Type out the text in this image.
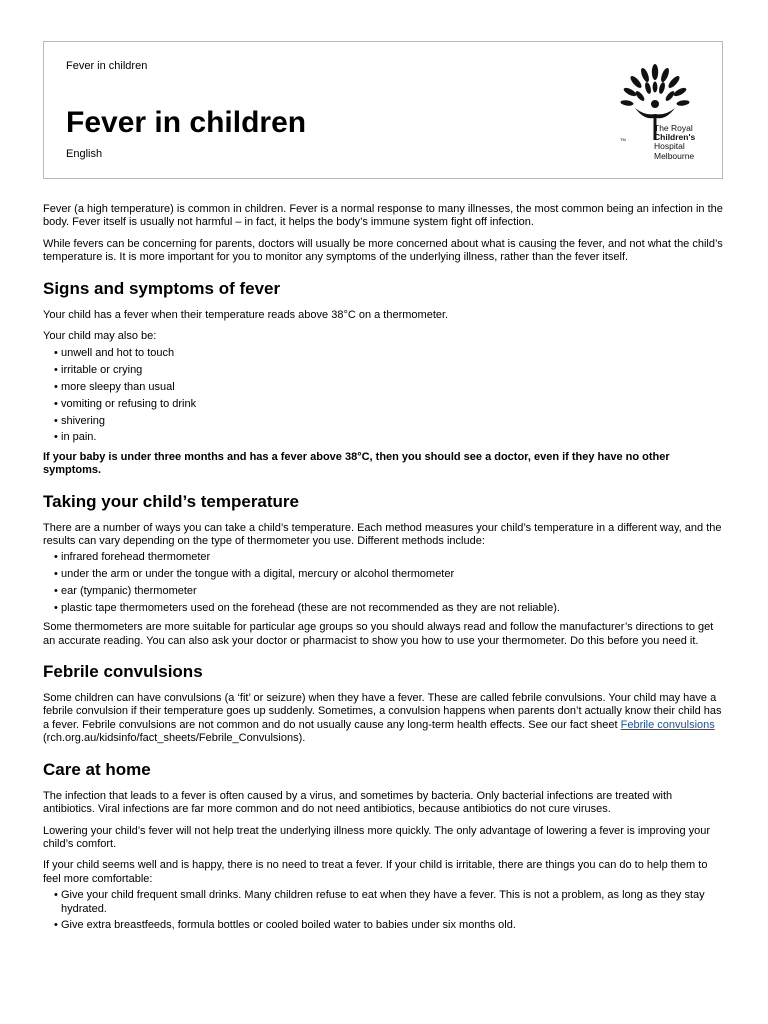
Fever in children
Fever in children
English
The Royal
Children's
Hospital
Melbourne
TM

Fever (a high temperature) is common in children. Fever is a normal response to many illnesses, the most common being an infection in the body. Fever itself is usually not harmful – in fact, it helps the body’s immune system fight off infection.

While fevers can be concerning for parents, doctors will usually be more concerned about what is causing the fever, and not what the child’s temperature is. It is more important for you to monitor any symptoms of the underlying illness, rather than the fever itself.

Signs and symptoms of fever

Your child has a fever when their temperature reads above 38°C on a thermometer.

Your child may also be:

• unwell and hot to touch
• irritable or crying
• more sleepy than usual
• vomiting or refusing to drink
• shivering
• in pain.

If your baby is under three months and has a fever above 38°C, then you should see a doctor, even if they have no other symptoms.

Taking your child’s temperature

There are a number of ways you can take a child’s temperature. Each method measures your child’s temperature in a different way, and the results can vary depending on the type of thermometer you use. Different methods include:

• infrared forehead thermometer
• under the arm or under the tongue with a digital, mercury or alcohol thermometer
• ear (tympanic) thermometer
• plastic tape thermometers used on the forehead (these are not recommended as they are not reliable).

Some thermometers are more suitable for particular age groups so you should always read and follow the manufacturer’s directions to get an accurate reading. You can also ask your doctor or pharmacist to show you how to use your thermometer. Do this before you need it.

Febrile convulsions

Some children can have convulsions (a ‘fit’ or seizure) when they have a fever. These are called febrile convulsions. Your child may have a febrile convulsion if their temperature goes up suddenly. Sometimes, a convulsion happens when parents don’t actually know their child has a fever. Febrile convulsions are not common and do not usually cause any long-term health effects. See our fact sheet Febrile convulsions (rch.org.au/kidsinfo/fact_sheets/Febrile_Convulsions).

Care at home

The infection that leads to a fever is often caused by a virus, and sometimes by bacteria. Only bacterial infections are treated with antibiotics. Viral infections are far more common and do not need antibiotics, because antibiotics do not cure viruses.

Lowering your child’s fever will not help treat the underlying illness more quickly. The only advantage of lowering a fever is improving your child’s comfort.

If your child seems well and is happy, there is no need to treat a fever. If your child is irritable, there are things you can do to help them to feel more comfortable:

• Give your child frequent small drinks. Many children refuse to eat when they have a fever. This is not a problem, as long as they stay hydrated.
• Give extra breastfeeds, formula bottles or cooled boiled water to babies under six months old.
